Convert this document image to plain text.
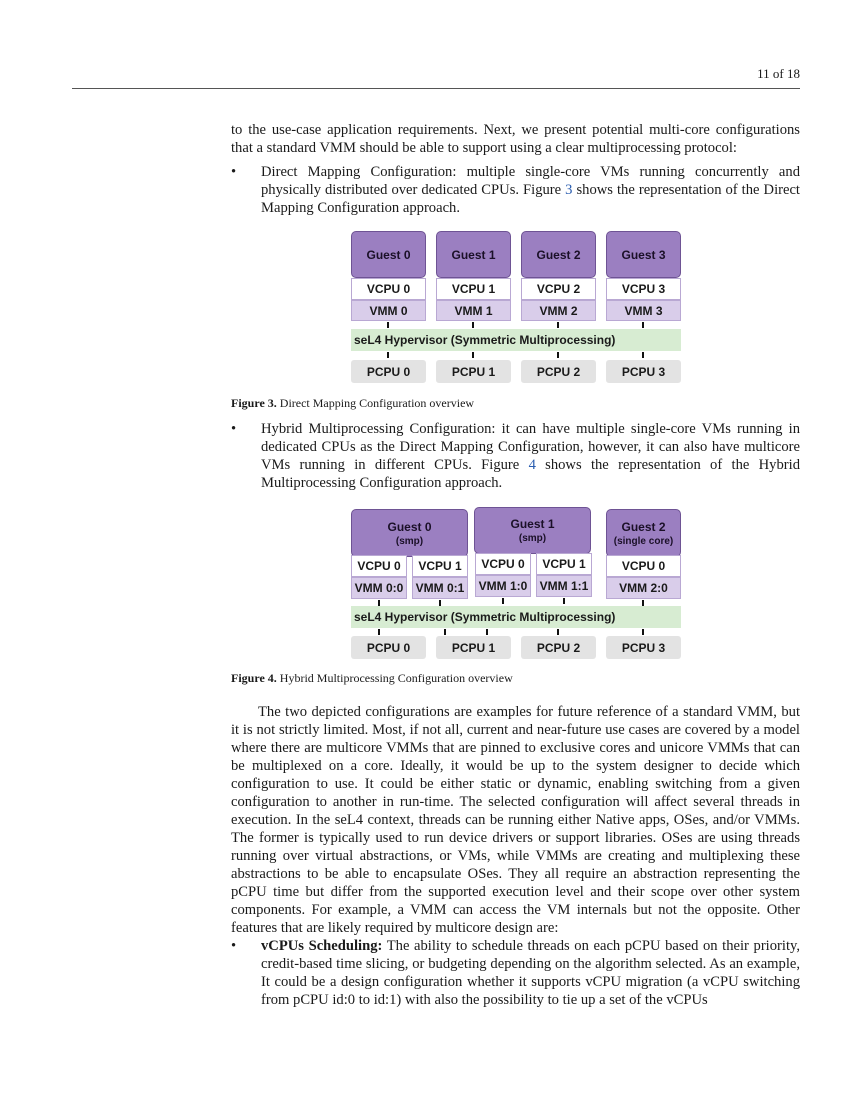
11 of 18

to the use-case application requirements. Next, we present potential multi-core configurations that a standard VMM should be able to support using a clear multiprocessing protocol:

• Direct Mapping Configuration: multiple single-core VMs running concurrently and physically distributed over dedicated CPUs. Figure 3 shows the representation of the Direct Mapping Configuration approach.
Guest 0	Guest 1	Guest 2	Guest 3
VCPU 0	VCPU 1	VCPU 2	VCPU 3
VMM 0	VMM 1	VMM 2	VMM 3
seL4 Hypervisor (Symmetric Multiprocessing)
PCPU 0	PCPU 1	PCPU 2	PCPU 3
Figure 3. Direct Mapping Configuration overview
• Hybrid Multiprocessing Configuration: it can have multiple single-core VMs running in dedicated CPUs as the Direct Mapping Configuration, however, it can also have multicore VMs running in different CPUs. Figure 4 shows the representation of the Hybrid Multiprocessing Configuration approach.
Guest 0
(smp)
Guest 1
(smp)
Guest 2
(single core)
VCPU 0	VCPU 1	VCPU 0	VCPU 1	VCPU 0
VMM 0:0	VMM 0:1	VMM 1:0	VMM 1:1	VMM 2:0
seL4 Hypervisor (Symmetric Multiprocessing)
PCPU 0	PCPU 1	PCPU 2	PCPU 3
Figure 4. Hybrid Multiprocessing Configuration overview

The two depicted configurations are examples for future reference of a standard VMM, but it is not strictly limited. Most, if not all, current and near-future use cases are covered by a model where there are multicore VMMs that are pinned to exclusive cores and unicore VMMs that can be multiplexed on a core. Ideally, it would be up to the system designer to decide which configuration to use. It could be either static or dynamic, enabling switching from a given configuration to another in run-time. The selected configuration will affect several threads in execution. In the seL4 context, threads can be running either Native apps, OSes, and/or VMMs. The former is typically used to run device drivers or support libraries. OSes are using threads running over virtual abstractions, or VMs, while VMMs are creating and multiplexing these abstractions to be able to encapsulate OSes. They all require an abstraction representing the pCPU time but differ from the supported execution level and their scope over other system components. For example, a VMM can access the VM internals but not the opposite. Other features that are likely required by multicore design are:

• vCPUs Scheduling: The ability to schedule threads on each pCPU based on their priority, credit-based time slicing, or budgeting depending on the algorithm selected. As an example, It could be a design configuration whether it supports vCPU migration (a vCPU switching from pCPU id:0 to id:1) with also the possibility to tie up a set of the vCPUs
